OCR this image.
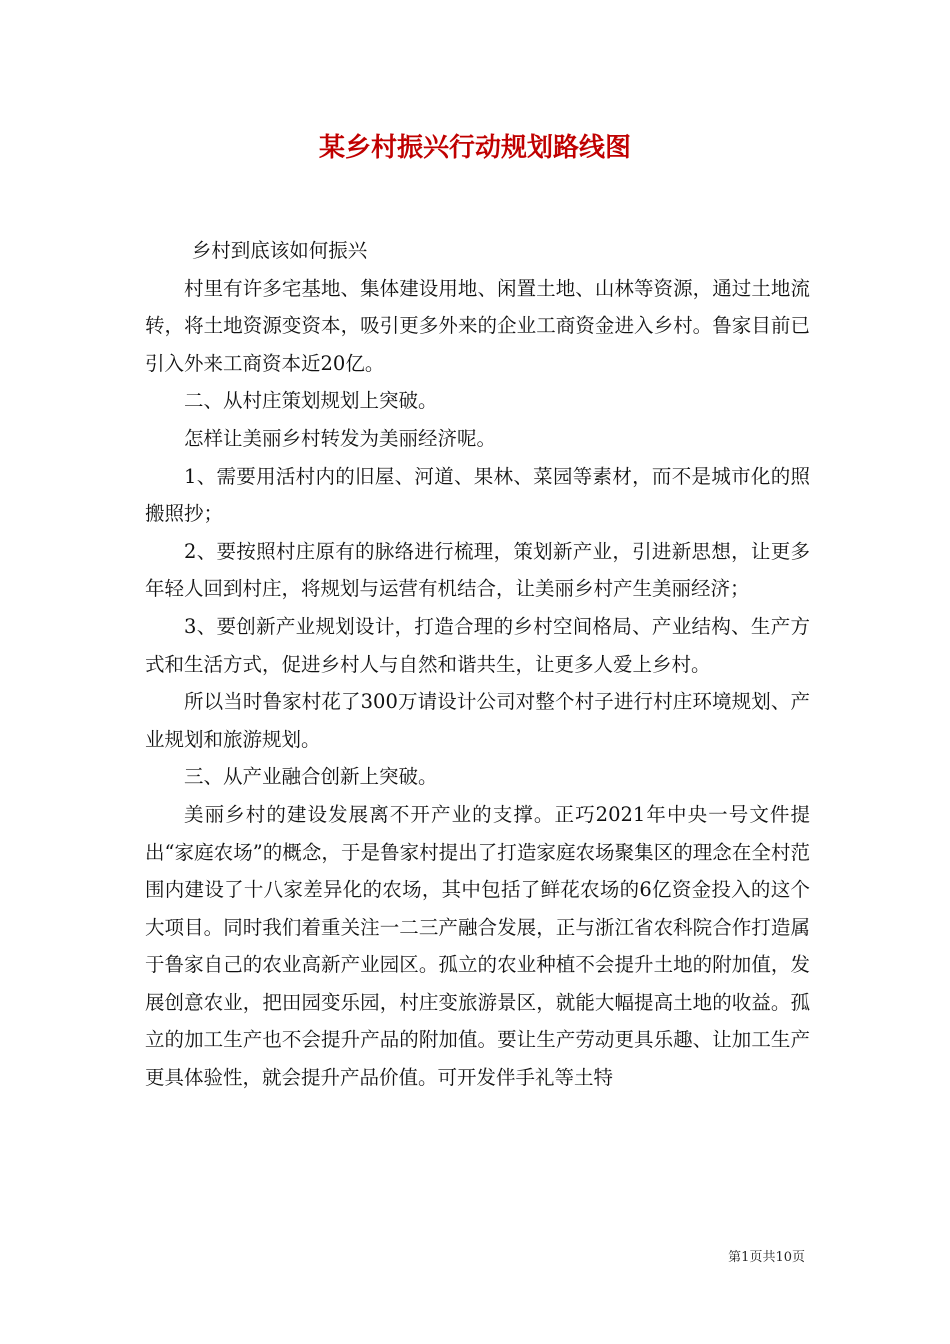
某乡村振兴行动规划路线图

乡村到底该如何振兴

村里有许多宅基地、集体建设用地、闲置土地、山林等资源，通过土地流转，将土地资源变资本，吸引更多外来的企业工商资金进入乡村。鲁家目前已引入外来工商资本近20亿。

二、从村庄策划规划上突破。

怎样让美丽乡村转发为美丽经济呢。

1、需要用活村内的旧屋、河道、果林、菜园等素材，而不是城市化的照搬照抄；

2、要按照村庄原有的脉络进行梳理，策划新产业，引进新思想，让更多年轻人回到村庄，将规划与运营有机结合，让美丽乡村产生美丽经济；

3、要创新产业规划设计，打造合理的乡村空间格局、产业结构、生产方式和生活方式，促进乡村人与自然和谐共生，让更多人爱上乡村。

所以当时鲁家村花了300万请设计公司对整个村子进行村庄环境规划、产业规划和旅游规划。

三、从产业融合创新上突破。

美丽乡村的建设发展离不开产业的支撑。正巧2021年中央一号文件提出“家庭农场”的概念，于是鲁家村提出了打造家庭农场聚集区的理念在全村范围内建设了十八家差异化的农场，其中包括了鲜花农场的6亿资金投入的这个大项目。同时我们着重关注一二三产融合发展，正与浙江省农科院合作打造属于鲁家自己的农业高新产业园区。孤立的农业种植不会提升土地的附加值，发展创意农业，把田园变乐园，村庄变旅游景区，就能大幅提高土地的收益。孤立的加工生产也不会提升产品的附加值。要让生产劳动更具乐趣、让加工生产更具体验性，就会提升产品价值。可开发伴手礼等土特

第1页共10页
